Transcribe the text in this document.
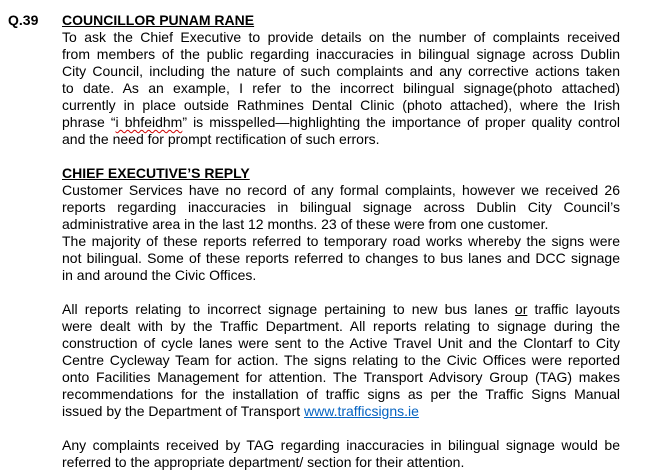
Q.39 COUNCILLOR PUNAM RANE
To ask the Chief Executive to provide details on the number of complaints received
from members of the public regarding inaccuracies in bilingual signage across Dublin
City Council, including the nature of such complaints and any corrective actions taken
to date. As an example, I refer to the incorrect bilingual signage(photo attached)
currently in place outside Rathmines Dental Clinic (photo attached), where the Irish
phrase “i bhfeidhm” is misspelled—highlighting the importance of proper quality control
and the need for prompt rectification of such errors.
CHIEF EXECUTIVE’S REPLY
Customer Services have no record of any formal complaints, however we received 26
reports regarding inaccuracies in bilingual signage across Dublin City Council’s
administrative area in the last 12 months. 23 of these were from one customer.
The majority of these reports referred to temporary road works whereby the signs were
not bilingual. Some of these reports referred to changes to bus lanes and DCC signage
in and around the Civic Offices.
All reports relating to incorrect signage pertaining to new bus lanes or traffic layouts
were dealt with by the Traffic Department. All reports relating to signage during the
construction of cycle lanes were sent to the Active Travel Unit and the Clontarf to City
Centre Cycleway Team for action. The signs relating to the Civic Offices were reported
onto Facilities Management for attention. The Transport Advisory Group (TAG) makes
recommendations for the installation of traffic signs as per the Traffic Signs Manual
issued by the Department of Transport www.trafficsigns.ie
Any complaints received by TAG regarding inaccuracies in bilingual signage would be
referred to the appropriate department/ section for their attention.
